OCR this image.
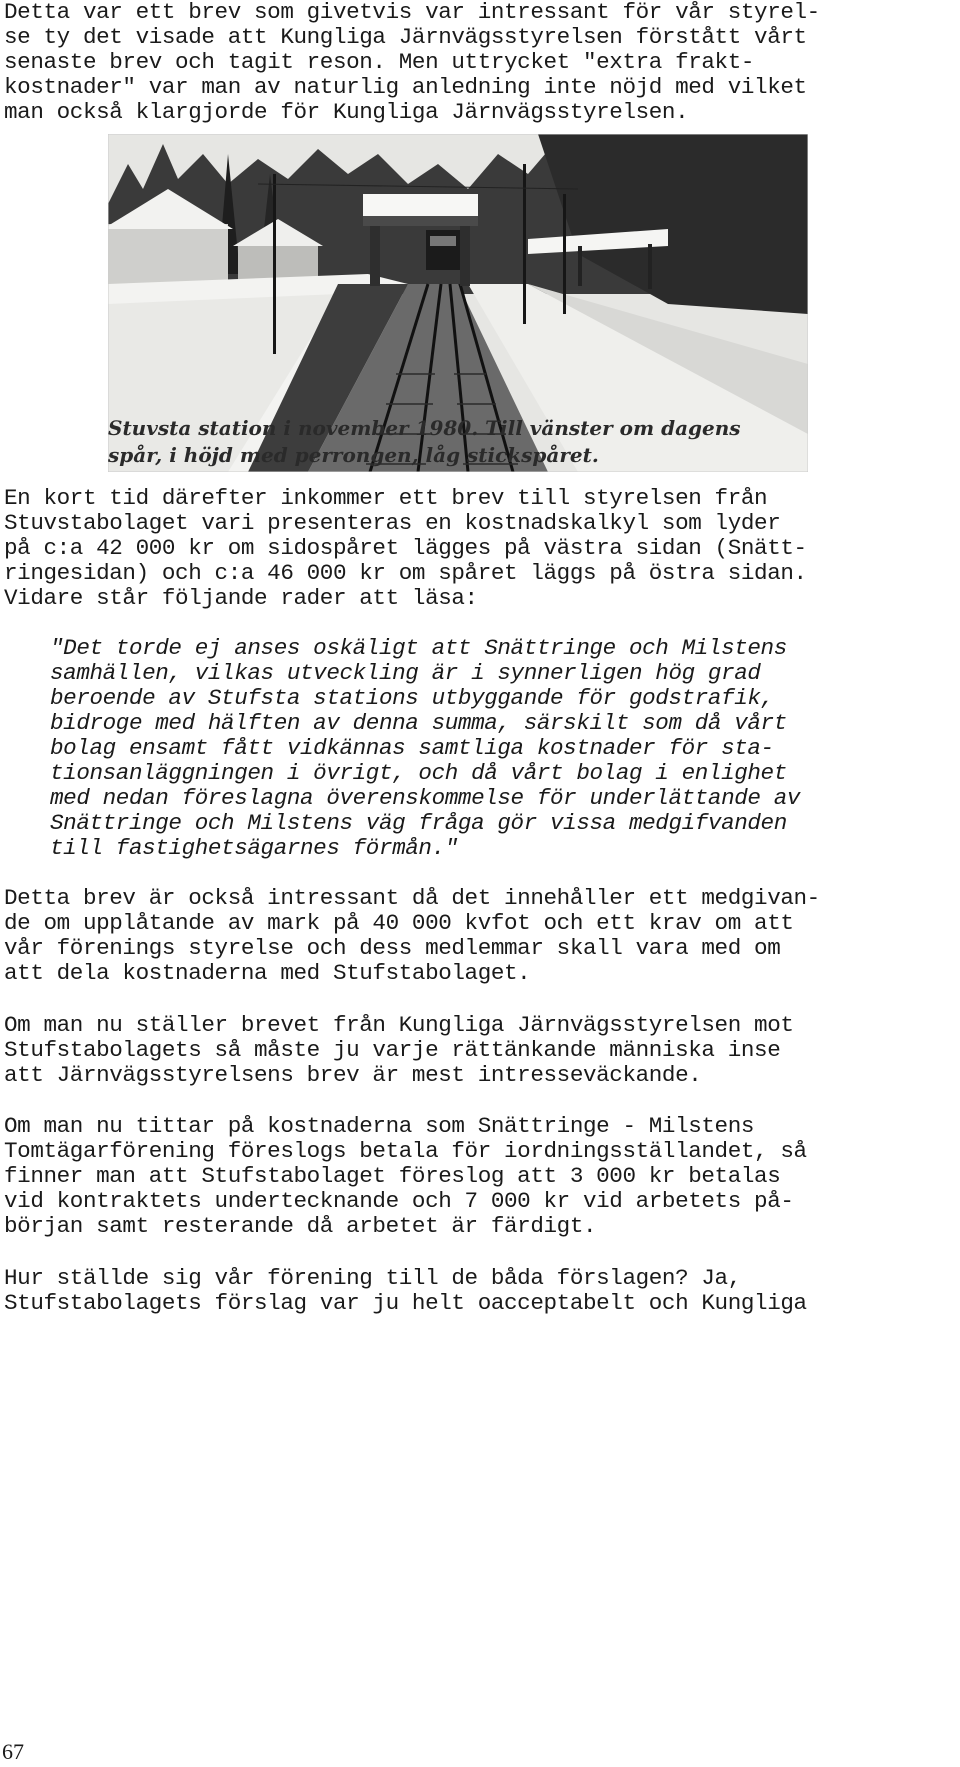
Detta var ett brev som givetvis var intressant för vår styrel-
se ty det visade att Kungliga Järnvägsstyrelsen förstått vårt
senaste brev och tagit reson. Men uttrycket "extra frakt-
kostnader" var man av naturlig anledning inte nöjd med vilket
man också klargjorde för Kungliga Järnvägsstyrelsen.

Stuvsta station i november 1980. Till vänster om dagens
spår, i höjd med perrongen, låg stickspåret.

En kort tid därefter inkommer ett brev till styrelsen från
Stuvstabolaget vari presenteras en kostnadskalkyl som lyder
på c:a 42 000 kr om sidospåret lägges på västra sidan (Snätt-
ringesidan) och c:a 46 000 kr om spåret läggs på östra sidan.
Vidare står följande rader att läsa:

"Det torde ej anses oskäligt att Snättringe och Milstens
samhällen, vilkas utveckling är i synnerligen hög grad
beroende av Stufsta stations utbyggande för godstrafik,
bidroge med hälften av denna summa, särskilt som då vårt
bolag ensamt fått vidkännas samtliga kostnader för sta-
tionsanläggningen i övrigt, och då vårt bolag i enlighet
med nedan föreslagna överenskommelse för underlättande av
Snättringe och Milstens väg fråga gör vissa medgifvanden
till fastighetsägarnes förmån."

Detta brev är också intressant då det innehåller ett medgivan-
de om upplåtande av mark på 40 000 kvfot och ett krav om att
vår förenings styrelse och dess medlemmar skall vara med om
att dela kostnaderna med Stufstabolaget.

Om man nu ställer brevet från Kungliga Järnvägsstyrelsen mot
Stufstabolagets så måste ju varje rättänkande människa inse
att Järnvägsstyrelsens brev är mest intresseväckande.

Om man nu tittar på kostnaderna som Snättringe - Milstens
Tomtägarförening föreslogs betala för iordningsställandet, så
finner man att Stufstabolaget föreslog att 3 000 kr betalas
vid kontraktets undertecknande och 7 000 kr vid arbetets på-
början samt resterande då arbetet är färdigt.

Hur ställde sig vår förening till de båda förslagen? Ja,
Stufstabolagets förslag var ju helt oacceptabelt och Kungliga

67
